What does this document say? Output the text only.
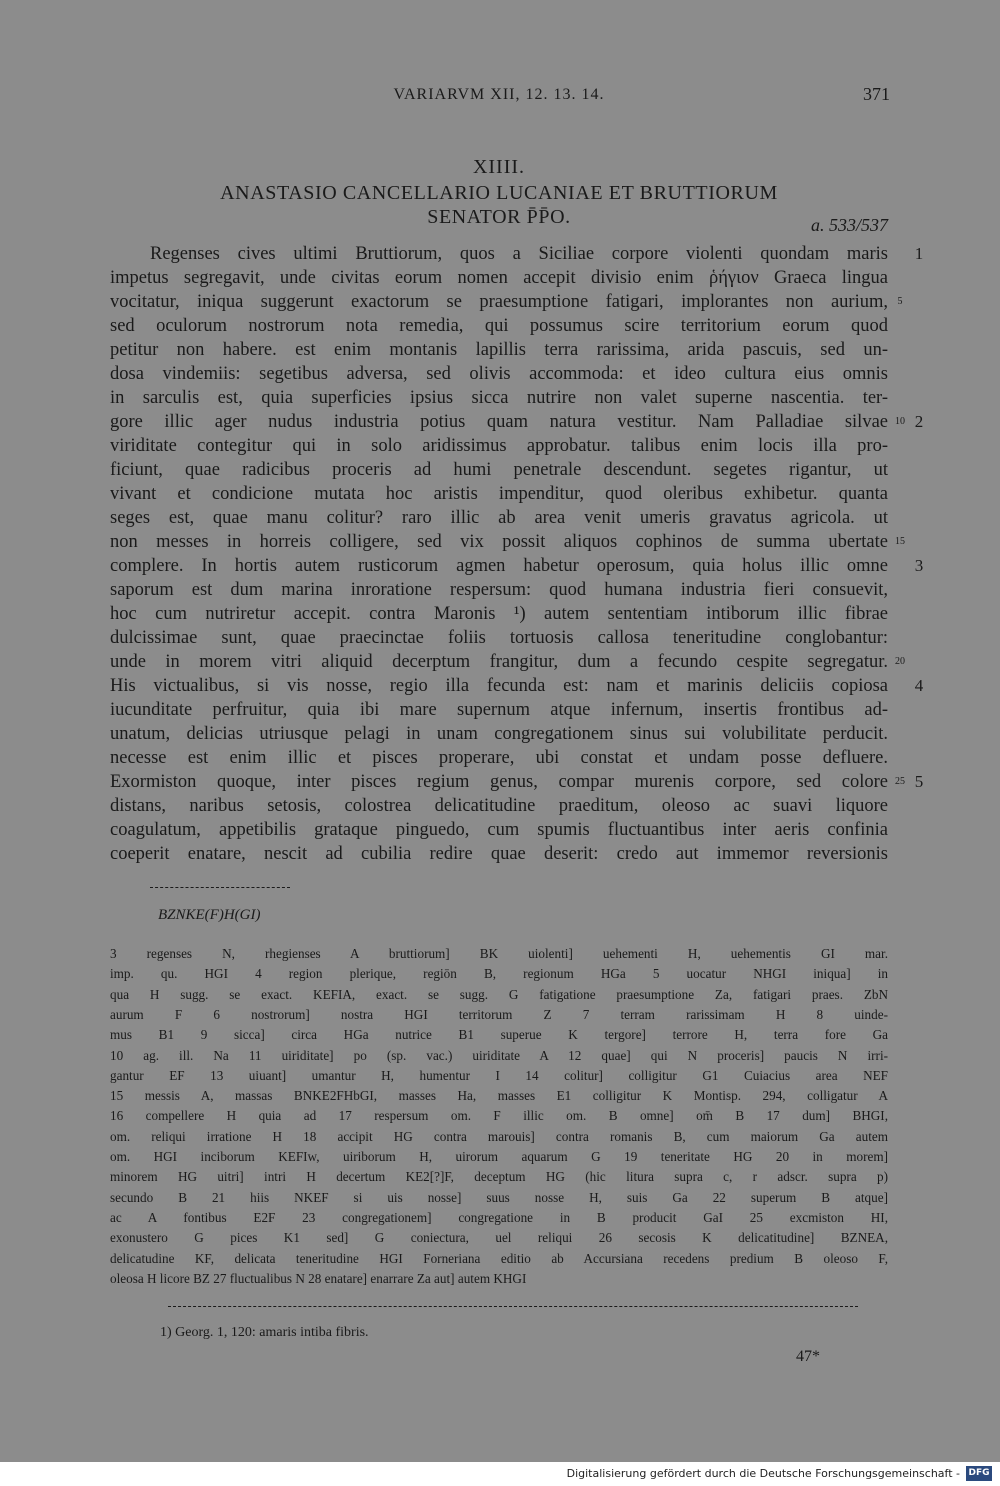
VARIARVM XII, 12. 13. 14.	371
XIIII.
ANASTASIO CANCELLARIO LUCANIAE ET BRUTTIORUM
SENATOR P̄P̄O.	a. 533/537
Regenses cives ultimi Bruttiorum, quos a Siciliae corpore violenti quondam maris
impetus segregavit, unde civitas eorum nomen accepit divisio enim ῥήγιον Graeca lingua
vocitatur, iniqua suggerunt exactorum se praesumptione fatigari, implorantes non aurium,
sed oculorum nostrorum nota remedia, qui possumus scire territorium eorum quod
petitur non habere. est enim montanis lapillis terra rarissima, arida pascuis, sed un-
dosa vindemiis: segetibus adversa, sed olivis accommoda: et ideo cultura eius omnis
in sarculis est, quia superficies ipsius sicca nutrire non valet superne nascentia. ter-
gore illic ager nudus industria potius quam natura vestitur. Nam Palladiae silvae
viriditate contegitur qui in solo aridissimus approbatur. talibus enim locis illa pro-
ficiunt, quae radicibus proceris ad humi penetrale descendunt. segetes rigantur, ut
vivant et condicione mutata hoc aristis impenditur, quod oleribus exhibetur. quanta
seges est, quae manu colitur? raro illic ab area venit umeris gravatus agricola. ut
non messes in horreis colligere, sed vix possit aliquos cophinos de summa ubertate
complere. In hortis autem rusticorum agmen habetur operosum, quia holus illic omne
saporum est dum marina inroratione respersum: quod humana industria fieri consuevit,
hoc cum nutriretur accepit. contra Maronis ¹) autem sententiam intiborum illic fibrae
dulcissimae sunt, quae praecinctae foliis tortuosis callosa teneritudine conglobantur:
unde in morem vitri aliquid decerptum frangitur, dum a fecundo cespite segregatur.
His victualibus, si vis nosse, regio illa fecunda est: nam et marinis deliciis copiosa
iucunditate perfruitur, quia ibi mare supernum atque infernum, insertis frontibus ad-
unatum, delicias utriusque pelagi in unam congregationem sinus sui volubilitate perducit.
necesse est enim illic et pisces properare, ubi constat et undam posse defluere.
Exormiston quoque, inter pisces regium genus, compar murenis corpore, sed colore
distans, naribus setosis, colostrea delicatitudine praeditum, oleoso ac suavi liquore
coagulatum, appetibilis grataque pinguedo, cum spumis fluctuantibus inter aeris confinia
coeperit enatare, nescit ad cubilia redire quae deserit: credo aut immemor reversionis
5
10
15
20
25
1
2
3
4
5
BZNKE(F)H(GI)
3 regenses N, rhegienses A bruttiorum] BK uiolenti] uehementi H, uehementis GI mar.
imp. qu. HGI 4 region plerique, regiōn B, regionum HGa 5 uocatur NHGI iniqua] in
qua H sugg. se exact. KEFIA, exact. se sugg. G fatigatione praesumptione Za, fatigari praes. ZbN
aurum F 6 nostrorum] nostra HGI territorum Z 7 terram rarissimam H 8 uinde-
mus B1 9 sicca] circa HGa nutrice B1 superue K tergore] terrore H, terra fore Ga
10 ag. ill. Na 11 uiriditate] po (sp. vac.) uiriditate A 12 quae] qui N proceris] paucis N irri-
gantur EF 13 uiuant] umantur H, humentur I 14 colitur] colligitur G1 Cuiacius area NEF
15 messis A, massas BNKE2FHbGI, masses Ha, masses E1 colligitur K Montisp. 294, colligatur A
16 compellere H quia ad 17 respersum om. F illic om. B omne] om̄ B 17 dum] BHGI,
om. reliqui irratione H 18 accipit HG contra marouis] contra romanis B, cum maiorum Ga autem
om. HGI inciborum KEFIw, uiriborum H, uirorum aquarum G 19 teneritate HG 20 in morem]
minorem HG uitri] intri H decertum KE2[?]F, deceptum HG (hic litura supra c, r adscr. supra p)
secundo B 21 hiis NKEF si uis nosse] suus nosse H, suis Ga 22 superum B atque]
ac A fontibus E2F 23 congregationem] congregatione in B producit GaI 25 excmiston HI,
exonustero G pices K1 sed] G coniectura, uel reliqui 26 secosis K delicatitudine] BZNEA,
delicatudine KF, delicata teneritudine HGI Forneriana editio ab Accursiana recedens predium B oleoso F,
oleosa H licore BZ 27 fluctualibus N 28 enatare] enarrare Za aut] autem KHGI
1) Georg. 1, 120: amaris intiba fibris.
47*
Digitalisierung gefördert durch die Deutsche Forschungsgemeinschaft - DFG
